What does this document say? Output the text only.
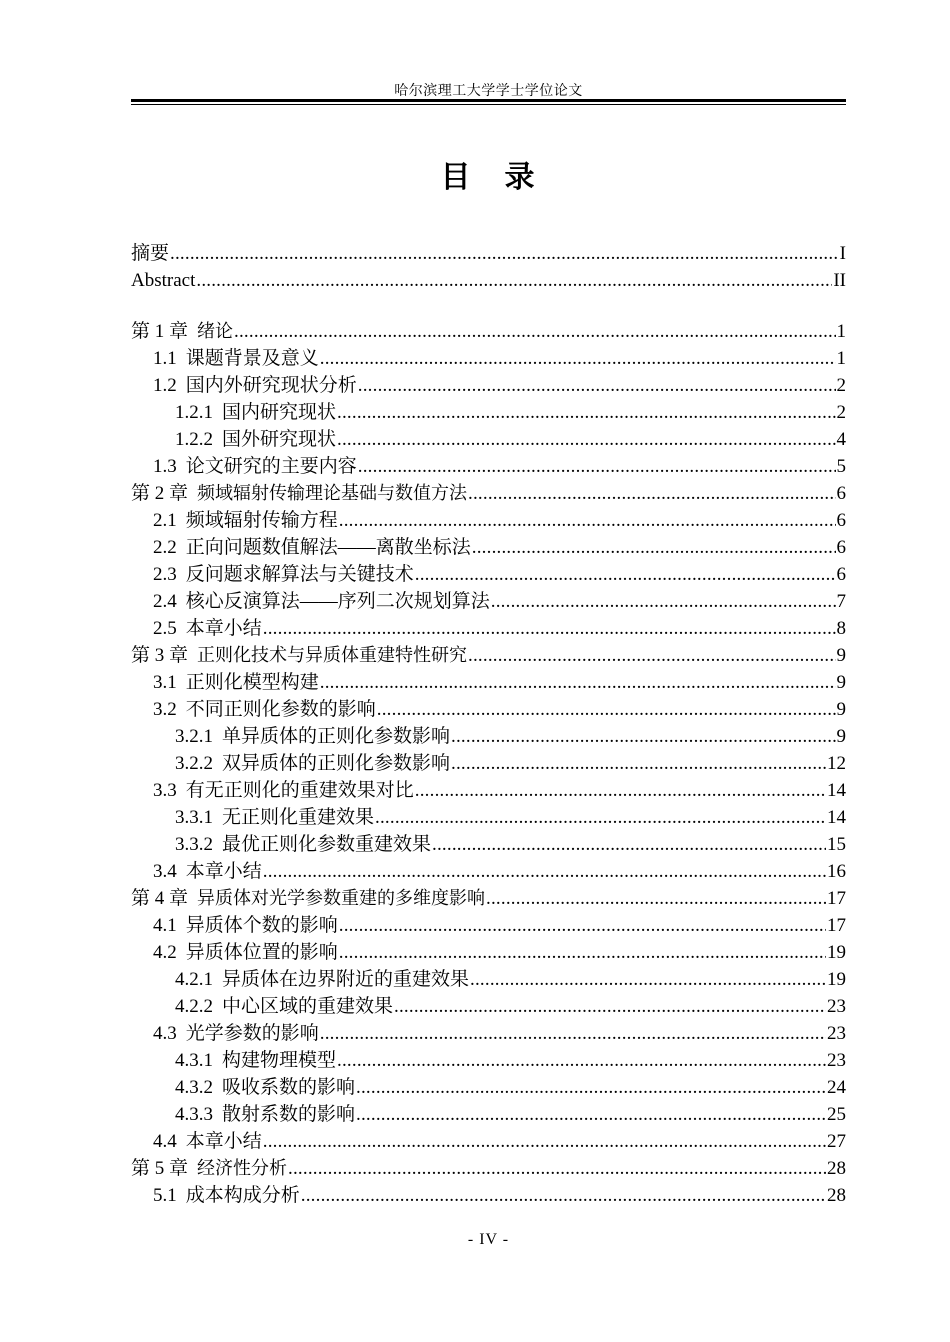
哈尔滨理工大学学士学位论文
目 录
摘要 .....	I
Abstract .....	II
第 1 章 绪论 .....	1
1.1 课题背景及意义 .....	1
1.2 国内外研究现状分析 .....	2
1.2.1 国内研究现状 .....	2
1.2.2 国外研究现状 .....	4
1.3 论文研究的主要内容 .....	5
第 2 章 频域辐射传输理论基础与数值方法 .....	6
2.1 频域辐射传输方程 .....	6
2.2 正向问题数值解法——离散坐标法 .....	6
2.3 反问题求解算法与关键技术 .....	6
2.4 核心反演算法——序列二次规划算法 .....	7
2.5 本章小结 .....	8
第 3 章 正则化技术与异质体重建特性研究 .....	9
3.1 正则化模型构建 .....	9
3.2 不同正则化参数的影响 .....	9
3.2.1 单异质体的正则化参数影响 .....	9
3.2.2 双异质体的正则化参数影响 .....	12
3.3 有无正则化的重建效果对比 .....	14
3.3.1 无正则化重建效果 .....	14
3.3.2 最优正则化参数重建效果 .....	15
3.4 本章小结 .....	16
第 4 章 异质体对光学参数重建的多维度影响 .....	17
4.1 异质体个数的影响 .....	17
4.2 异质体位置的影响 .....	19
4.2.1 异质体在边界附近的重建效果 .....	19
4.2.2 中心区域的重建效果 .....	23
4.3 光学参数的影响 .....	23
4.3.1 构建物理模型 .....	23
4.3.2 吸收系数的影响 .....	24
4.3.3 散射系数的影响 .....	25
4.4 本章小结 .....	27
第 5 章 经济性分析 .....	28
5.1 成本构成分析 .....	28
- IV -
